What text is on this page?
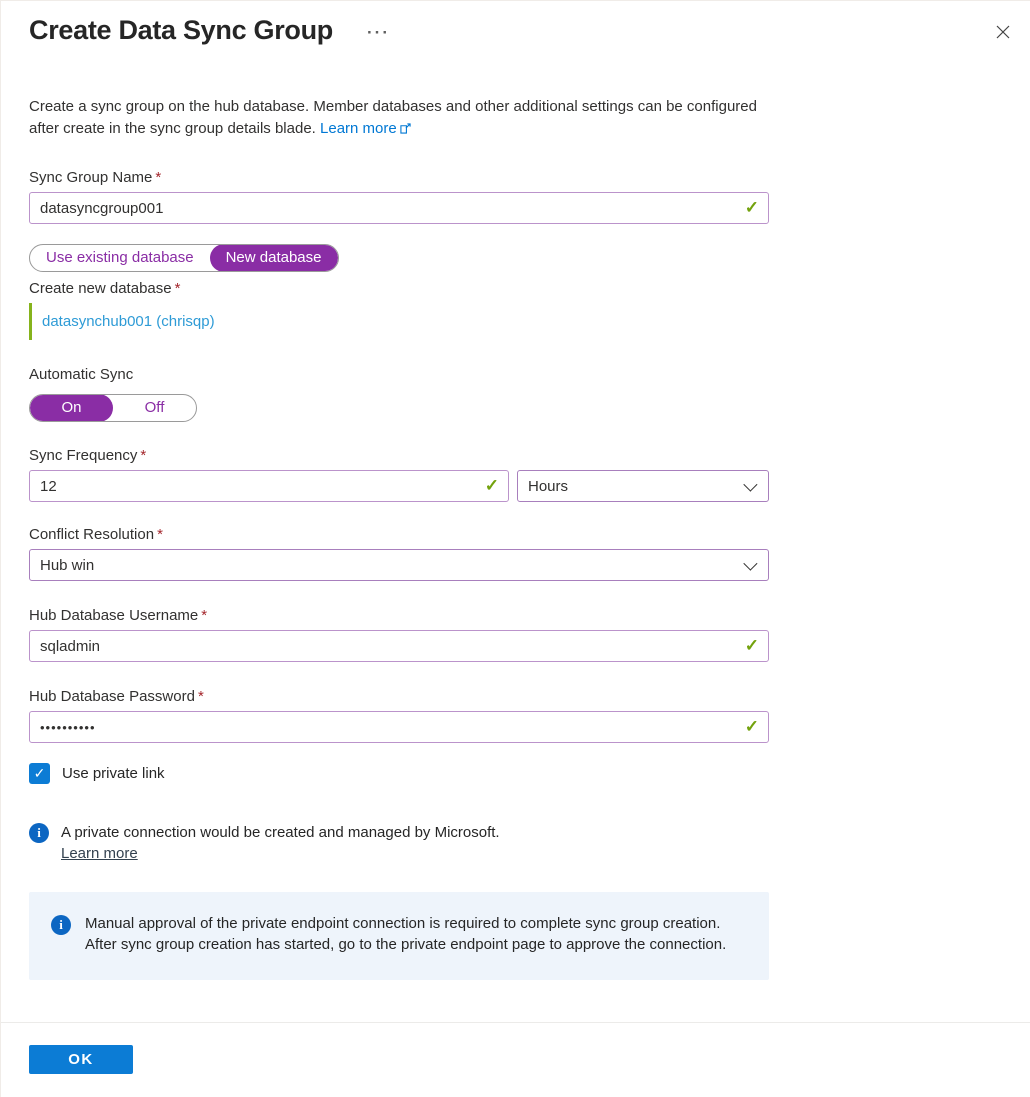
Create Data Sync Group ···
Create a sync group on the hub database. Member databases and other additional settings can be configured after create in the sync group details blade. Learn more
Sync Group Name *
datasyncgroup001
✓
Use existing database	New database
Create new database *
datasynchub001 (chrisqp)
Automatic Sync
On	Off
Sync Frequency *
12
✓ Hours
Conflict Resolution *
Hub win
Hub Database Username *
sqladmin
✓
Hub Database Password *
••••••••••
✓
✓ Use private link
i A private connection would be created and managed by Microsoft.
Learn more
i Manual approval of the private endpoint connection is required to complete sync group creation. After sync group creation has started, go to the private endpoint page to approve the connection.
OK
